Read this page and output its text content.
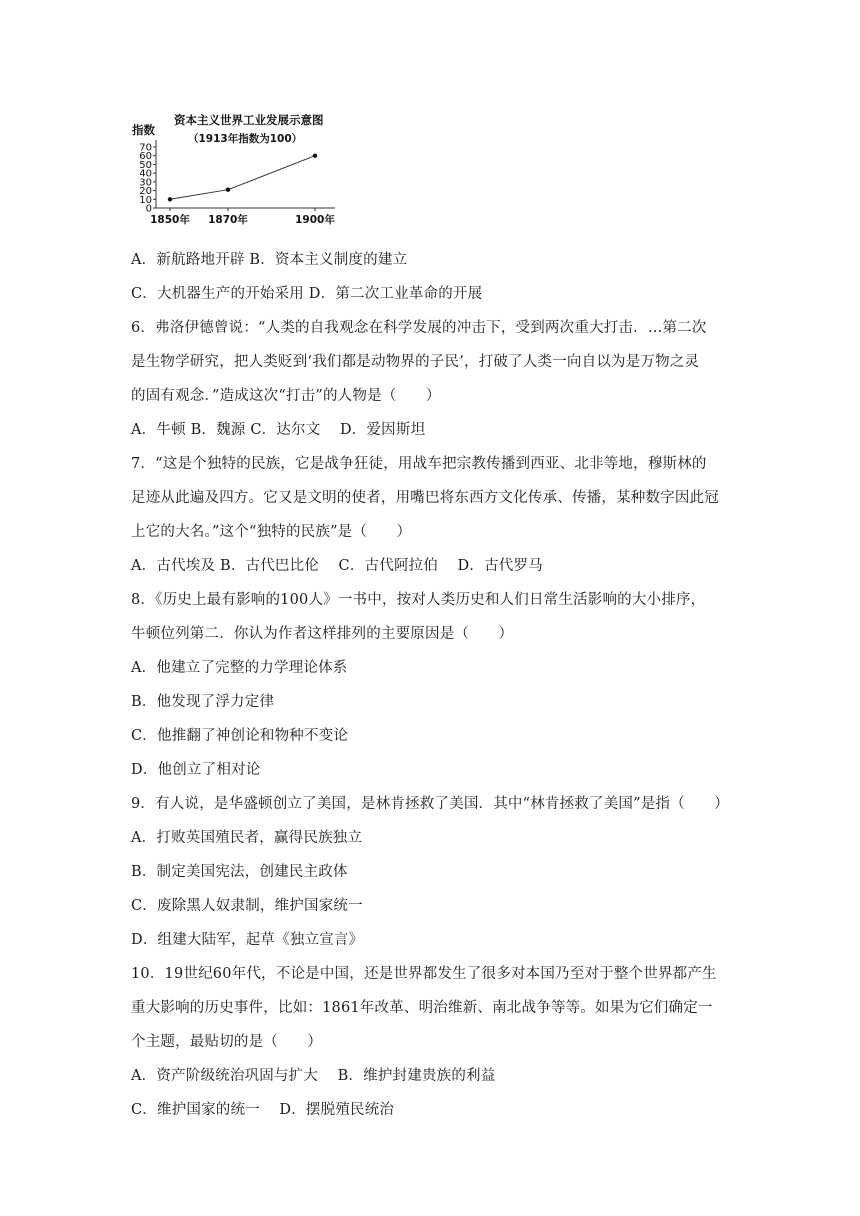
资本主义世界工业发展示意图
（1913年指数为100）
指数
0
10
20
30
40
50
60
70
1850年 1870年	1900年
A．新航路地开辟 B．资本主义制度的建立
C．大机器生产的开始采用 D．第二次工业革命的开展
6．弗洛伊德曾说：“人类的自我观念在科学发展的冲击下，受到两次重大打击．…第二次
是生物学研究，把人类贬到‘我们都是动物界的子民’，打破了人类一向自以为是万物之灵
的固有观念．”造成这次“打击”的人物是（　　）
A．牛顿 B．魏源 C．达尔文　 D．爱因斯坦
7．“这是个独特的民族，它是战争狂徒，用战车把宗教传播到西亚、北非等地，穆斯林的
足迹从此遍及四方。它又是文明的使者，用嘴巴将东西方文化传承、传播，某种数字因此冠
上它的大名。”这个“独特的民族”是（　　）
A．古代埃及 B．古代巴比伦　 C．古代阿拉伯　 D．古代罗马
8．《历史上最有影响的100人》一书中，按对人类历史和人们日常生活影响的大小排序，
牛顿位列第二．你认为作者这样排列的主要原因是（　　）
A．他建立了完整的力学理论体系
B．他发现了浮力定律
C．他推翻了神创论和物种不变论
D．他创立了相对论
9．有人说，是华盛顿创立了美国，是林肯拯救了美国．其中“林肯拯救了美国”是指（　　）
A．打败英国殖民者，赢得民族独立
B．制定美国宪法，创建民主政体
C．废除黑人奴隶制，维护国家统一
D．组建大陆军，起草《独立宣言》
10．19世纪60年代，不论是中国，还是世界都发生了很多对本国乃至对于整个世界都产生
重大影响的历史事件，比如：1861年改革、明治维新、南北战争等等。如果为它们确定一
个主题，最贴切的是（　　）
A．资产阶级统治巩固与扩大　 B．维护封建贵族的利益
C．维护国家的统一　 D．摆脱殖民统治
